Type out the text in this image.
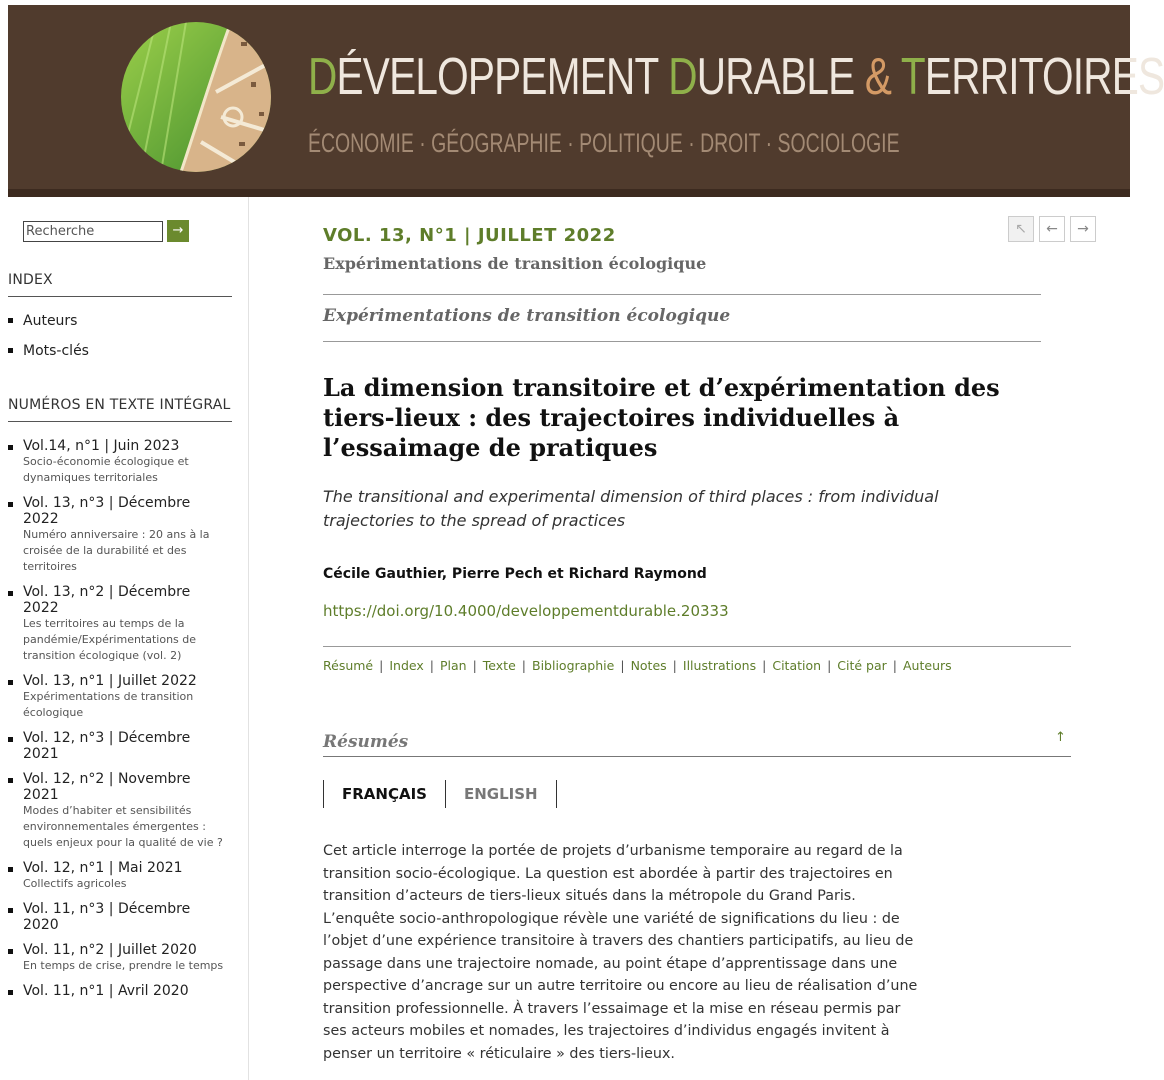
DÉVELOPPEMENT DURABLE & TERRITOIRES
ÉCONOMIE · GÉOGRAPHIE · POLITIQUE · DROIT · SOCIOLOGIE
Recherche	→
INDEX
Auteurs
Mots-clés
NUMÉROS EN TEXTE INTÉGRAL
Vol.14, n°1 | Juin 2023
Socio-économie écologique et dynamiques territoriales
Vol. 13, n°3 | Décembre 2022
Numéro anniversaire : 20 ans à la croisée de la durabilité et des territoires
Vol. 13, n°2 | Décembre 2022
Les territoires au temps de la pandémie/Expérimentations de transition écologique (vol. 2)
Vol. 13, n°1 | Juillet 2022
Expérimentations de transition écologique
Vol. 12, n°3 | Décembre 2021
Vol. 12, n°2 | Novembre 2021
Modes d’habiter et sensibilités environnementales émergentes : quels enjeux pour la qualité de vie ?
Vol. 12, n°1 | Mai 2021
Collectifs agricoles
Vol. 11, n°3 | Décembre 2020
Vol. 11, n°2 | Juillet 2020
En temps de crise, prendre le temps
Vol. 11, n°1 | Avril 2020
VOL. 13, N°1 | JUILLET 2022
Expérimentations de transition écologique
↖	←	→
Expérimentations de transition écologique
La dimension transitoire et d’expérimentation des tiers-lieux : des trajectoires individuelles à l’essaimage de pratiques
The transitional and experimental dimension of third places : from individual trajectories to the spread of practices
Cécile Gauthier, Pierre Pech et Richard Raymond
https://doi.org/10.4000/developpementdurable.20333
Résumé | Index | Plan | Texte | Bibliographie | Notes | Illustrations | Citation | Cité par | Auteurs
Résumés	↑
FRANÇAIS	ENGLISH

Cet article interroge la portée de projets d’urbanisme temporaire au regard de la transition socio-écologique. La question est abordée à partir des trajectoires en transition d’acteurs de tiers-lieux situés dans la métropole du Grand Paris. L’enquête socio-anthropologique révèle une variété de significations du lieu : de l’objet d’une expérience transitoire à travers des chantiers participatifs, au lieu de passage dans une trajectoire nomade, au point étape d’apprentissage dans une perspective d’ancrage sur un autre territoire ou encore au lieu de réalisation d’une transition professionnelle. À travers l’essaimage et la mise en réseau permis par ses acteurs mobiles et nomades, les trajectoires d’individus engagés invitent à penser un territoire « réticulaire » des tiers-lieux.
